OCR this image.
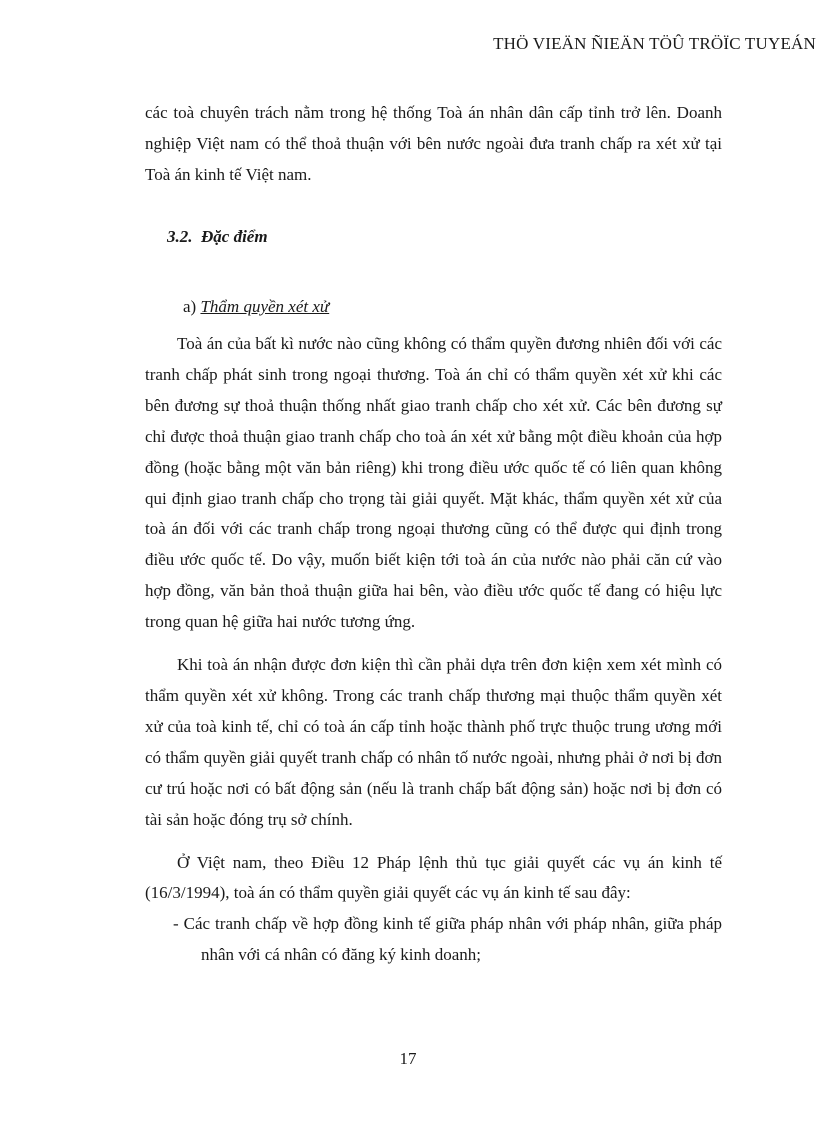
THÖ VIEÄN ÑIEÄN TÖÛ TRÖÏC TUYEÁN

các toà chuyên trách nằm trong hệ thống Toà án nhân dân cấp tỉnh trở lên. Doanh nghiệp Việt nam có thể thoả thuận với bên nước ngoài đưa tranh chấp ra xét xử tại Toà án kinh tế Việt nam.

3.2. Đặc điểm
a) Thẩm quyền xét xử

Toà án của bất kì nước nào cũng không có thẩm quyền đương nhiên đối với các tranh chấp phát sinh trong ngoại thương. Toà án chỉ có thẩm quyền xét xử khi các bên đương sự thoả thuận thống nhất giao tranh chấp cho xét xử. Các bên đương sự chỉ được thoả thuận giao tranh chấp cho toà án xét xử bằng một điều khoản của hợp đồng (hoặc bằng một văn bản riêng) khi trong điều ước quốc tế có liên quan không qui định giao tranh chấp cho trọng tài giải quyết. Mặt khác, thẩm quyền xét xử của toà án đối với các tranh chấp trong ngoại thương cũng có thể được qui định trong điều ước quốc tế. Do vậy, muốn biết kiện tới toà án của nước nào phải căn cứ vào hợp đồng, văn bản thoả thuận giữa hai bên, vào điều ước quốc tế đang có hiệu lực trong quan hệ giữa hai nước tương ứng.

Khi toà án nhận được đơn kiện thì cần phải dựa trên đơn kiện xem xét mình có thẩm quyền xét xử không. Trong các tranh chấp thương mại thuộc thẩm quyền xét xử của toà kinh tế, chỉ có toà án cấp tỉnh hoặc thành phố trực thuộc trung ương mới có thẩm quyền giải quyết tranh chấp có nhân tố nước ngoài, nhưng phải ở nơi bị đơn cư trú hoặc nơi có bất động sản (nếu là tranh chấp bất động sản) hoặc nơi bị đơn có tài sản hoặc đóng trụ sở chính.

Ở Việt nam, theo Điều 12 Pháp lệnh thủ tục giải quyết các vụ án kinh tế (16/3/1994), toà án có thẩm quyền giải quyết các vụ án kinh tế sau đây:

- Các tranh chấp về hợp đồng kinh tế giữa pháp nhân với pháp nhân, giữa pháp nhân với cá nhân có đăng ký kinh doanh;

17
